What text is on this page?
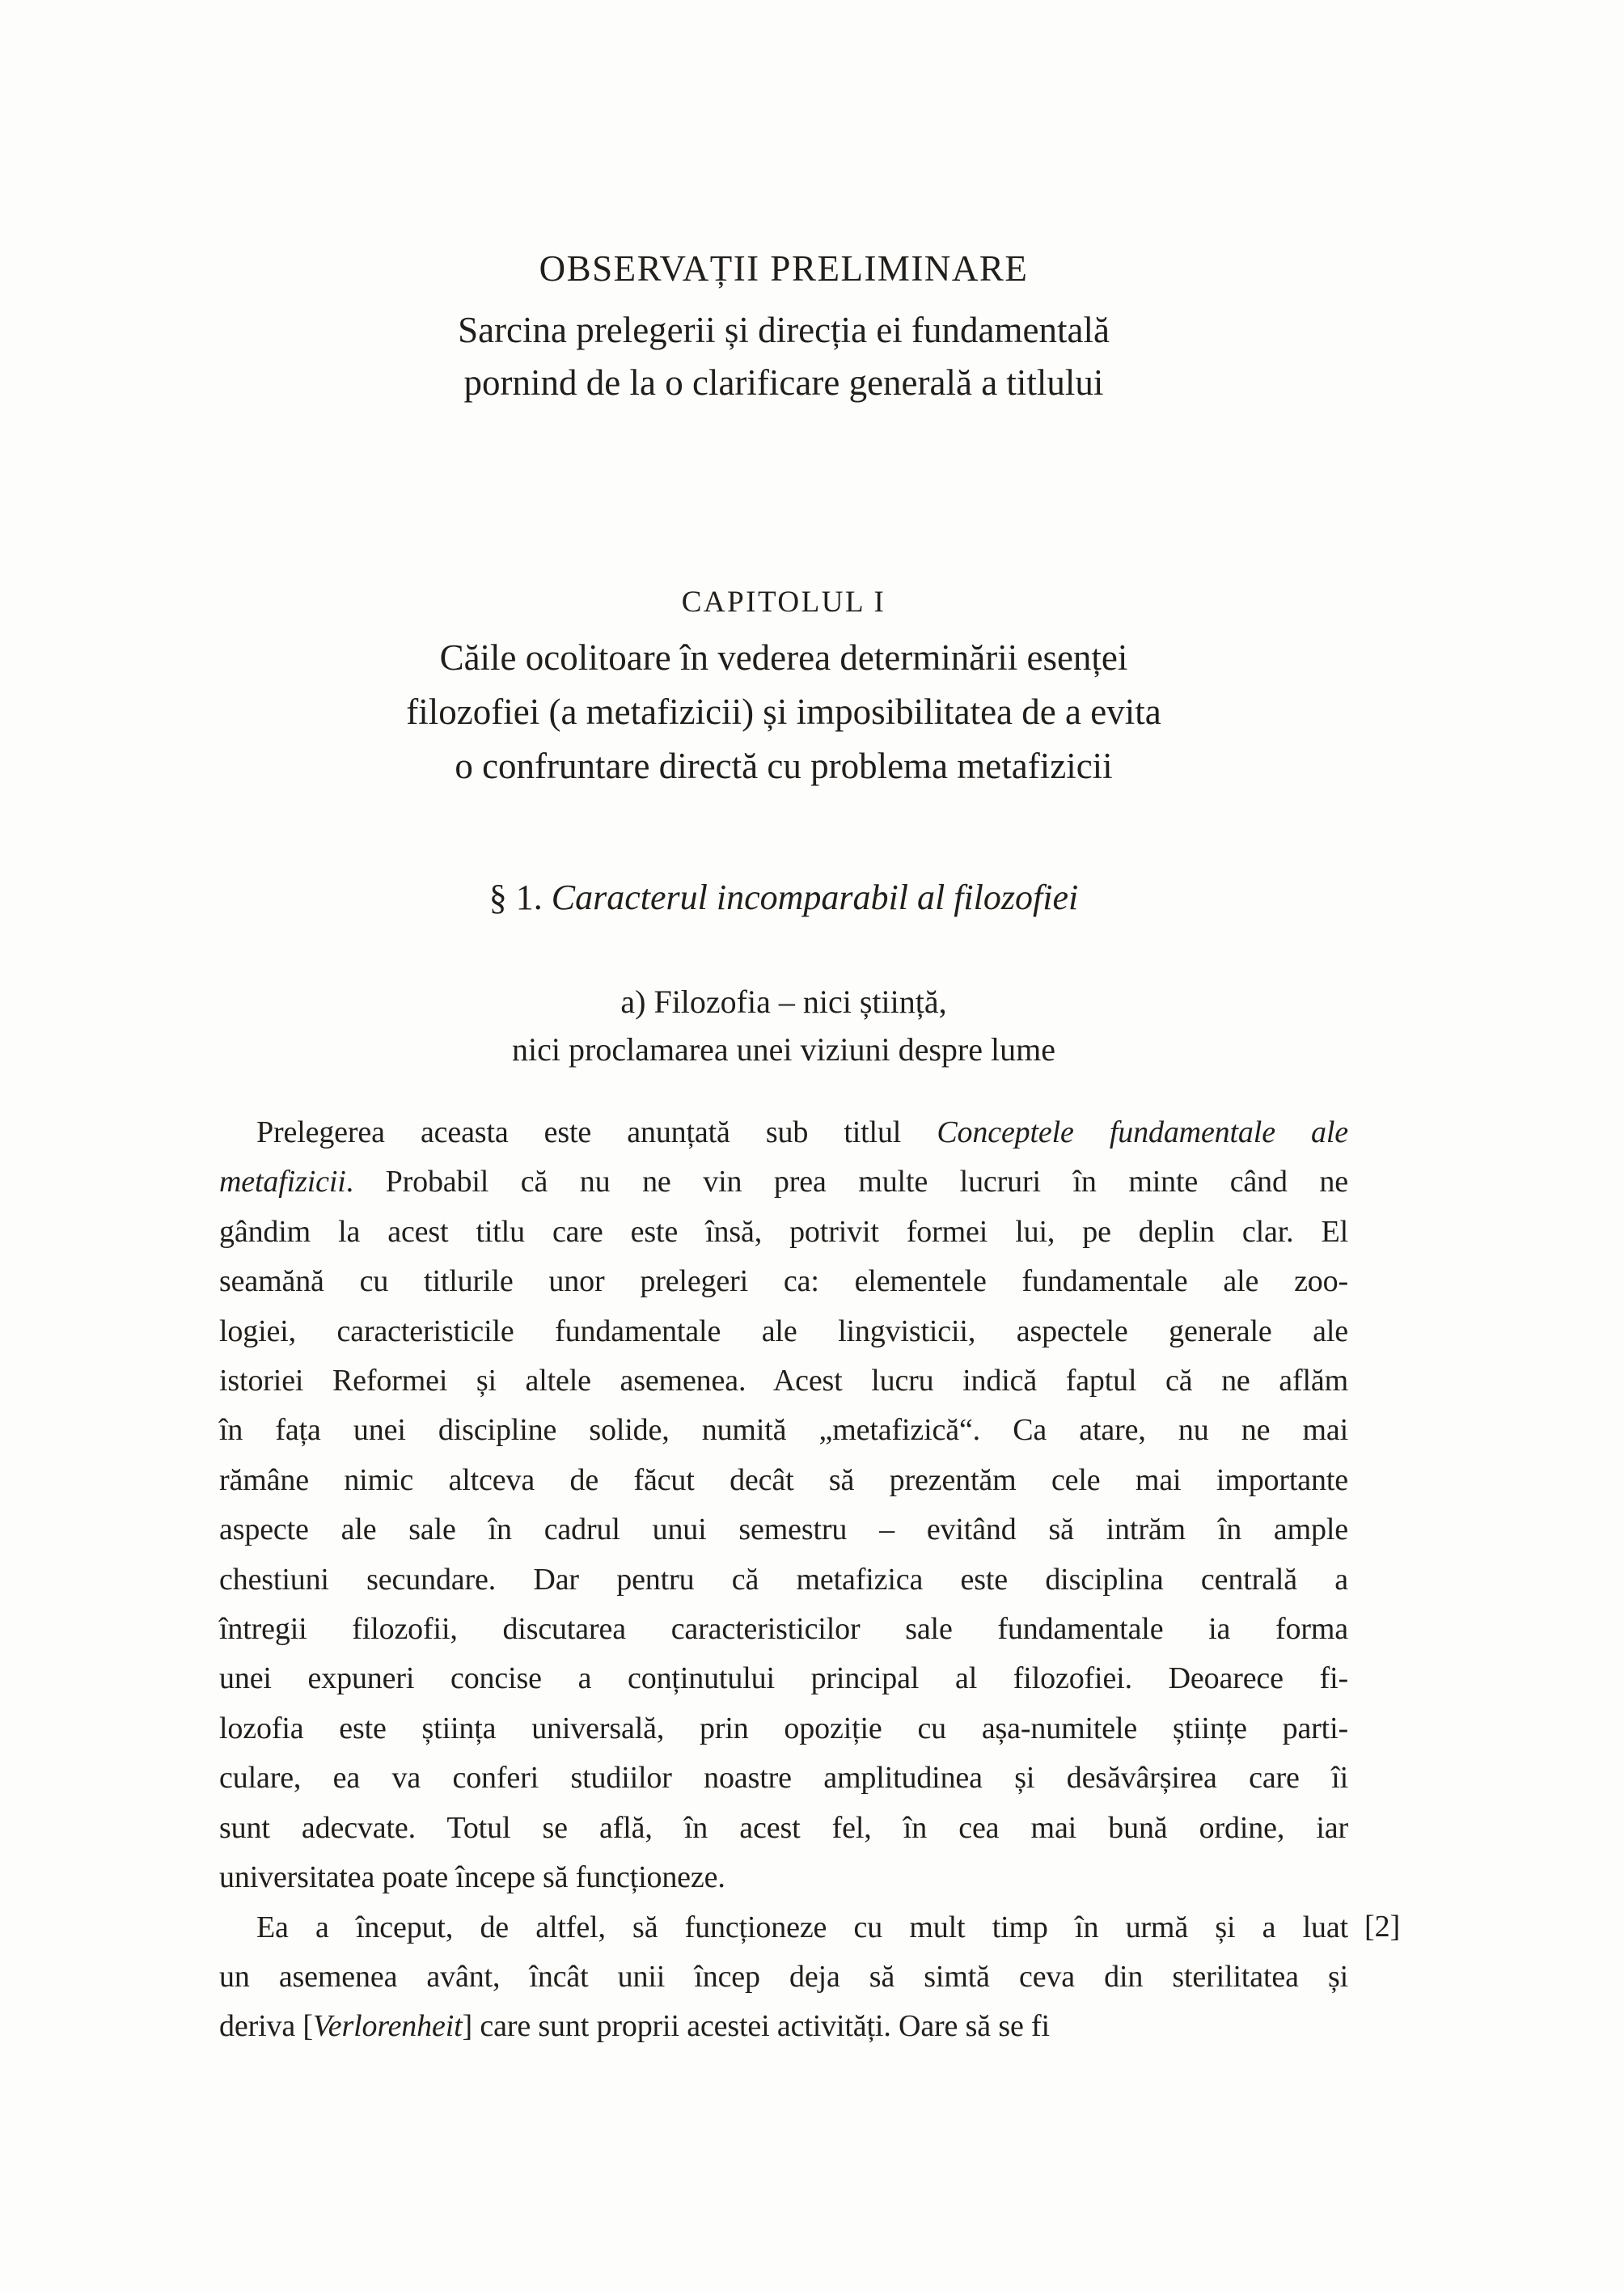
OBSERVAȚII PRELIMINARE
Sarcina prelegerii și direcția ei fundamentală
pornind de la o clarificare generală a titlului
CAPITOLUL I
Căile ocolitoare în vederea determinării esenței
filozofiei (a metafizicii) și imposibilitatea de a evita
o confruntare directă cu problema metafizicii
§ 1. Caracterul incomparabil al filozofiei
a) Filozofia – nici știință,
nici proclamarea unei viziuni despre lume
Prelegerea aceasta este anunțată sub titlul Conceptele fundamentale ale
metafizicii. Probabil că nu ne vin prea multe lucruri în minte când ne
gândim la acest titlu care este însă, potrivit formei lui, pe deplin clar. El
seamănă cu titlurile unor prelegeri ca: elementele fundamentale ale zoo-
logiei, caracteristicile fundamentale ale lingvisticii, aspectele generale ale
istoriei Reformei și altele asemenea. Acest lucru indică faptul că ne aflăm
în fața unei discipline solide, numită „metafizică“. Ca atare, nu ne mai
rămâne nimic altceva de făcut decât să prezentăm cele mai importante
aspecte ale sale în cadrul unui semestru – evitând să intrăm în ample
chestiuni secundare. Dar pentru că metafizica este disciplina centrală a
întregii filozofii, discutarea caracteristicilor sale fundamentale ia forma
unei expuneri concise a conținutului principal al filozofiei. Deoarece fi-
lozofia este știința universală, prin opoziție cu așa-numitele științe parti-
culare, ea va conferi studiilor noastre amplitudinea și desăvârșirea care îi
sunt adecvate. Totul se află, în acest fel, în cea mai bună ordine, iar
universitatea poate începe să funcționeze.
Ea a început, de altfel, să funcționeze cu mult timp în urmă și a luat
un asemenea avânt, încât unii încep deja să simtă ceva din sterilitatea și
deriva [Verlorenheit] care sunt proprii acestei activități. Oare să se fi
[2]
